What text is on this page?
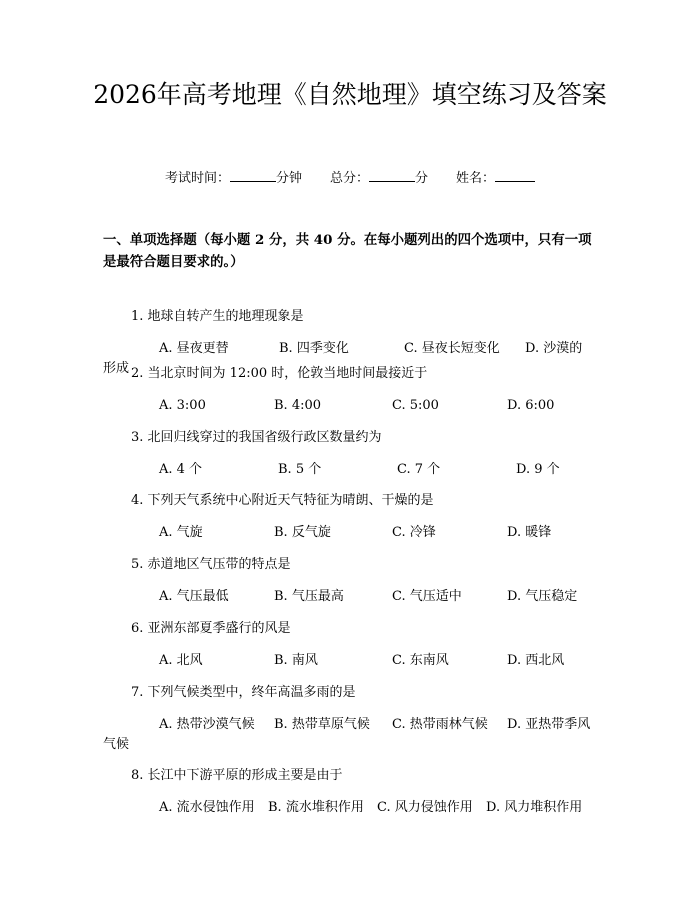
2026年高考地理《自然地理》填空练习及答案
考试时间：	分钟 总分：	分 姓名：
一、单项选择题（每小题 2 分，共 40 分。在每小题列出的四个选项中，只有一项是最符合题目要求的。）
1. 地球自转产生的地理现象是
A. 昼夜更替	B. 四季变化	C. 昼夜长短变化 D. 沙漠的
形成 2. 当北京时间为 12:00 时，伦敦当地时间最接近于
A. 3:00	B. 4:00	C. 5:00	D. 6:00
3. 北回归线穿过的我国省级行政区数量约为
A. 4 个	B. 5 个	C. 7 个	D. 9 个
4. 下列天气系统中心附近天气特征为晴朗、干燥的是
A. 气旋	B. 反气旋	C. 冷锋	D. 暖锋
5. 赤道地区气压带的特点是
A. 气压最低	B. 气压最高	C. 气压适中	D. 气压稳定
6. 亚洲东部夏季盛行的风是
A. 北风	B. 南风	C. 东南风	D. 西北风
7. 下列气候类型中，终年高温多雨的是
A. 热带沙漠气候 B. 热带草原气候 C. 热带雨林气候 D. 亚热带季风
气候
8. 长江中下游平原的形成主要是由于
A. 流水侵蚀作用 B. 流水堆积作用 C. 风力侵蚀作用 D. 风力堆积作用
